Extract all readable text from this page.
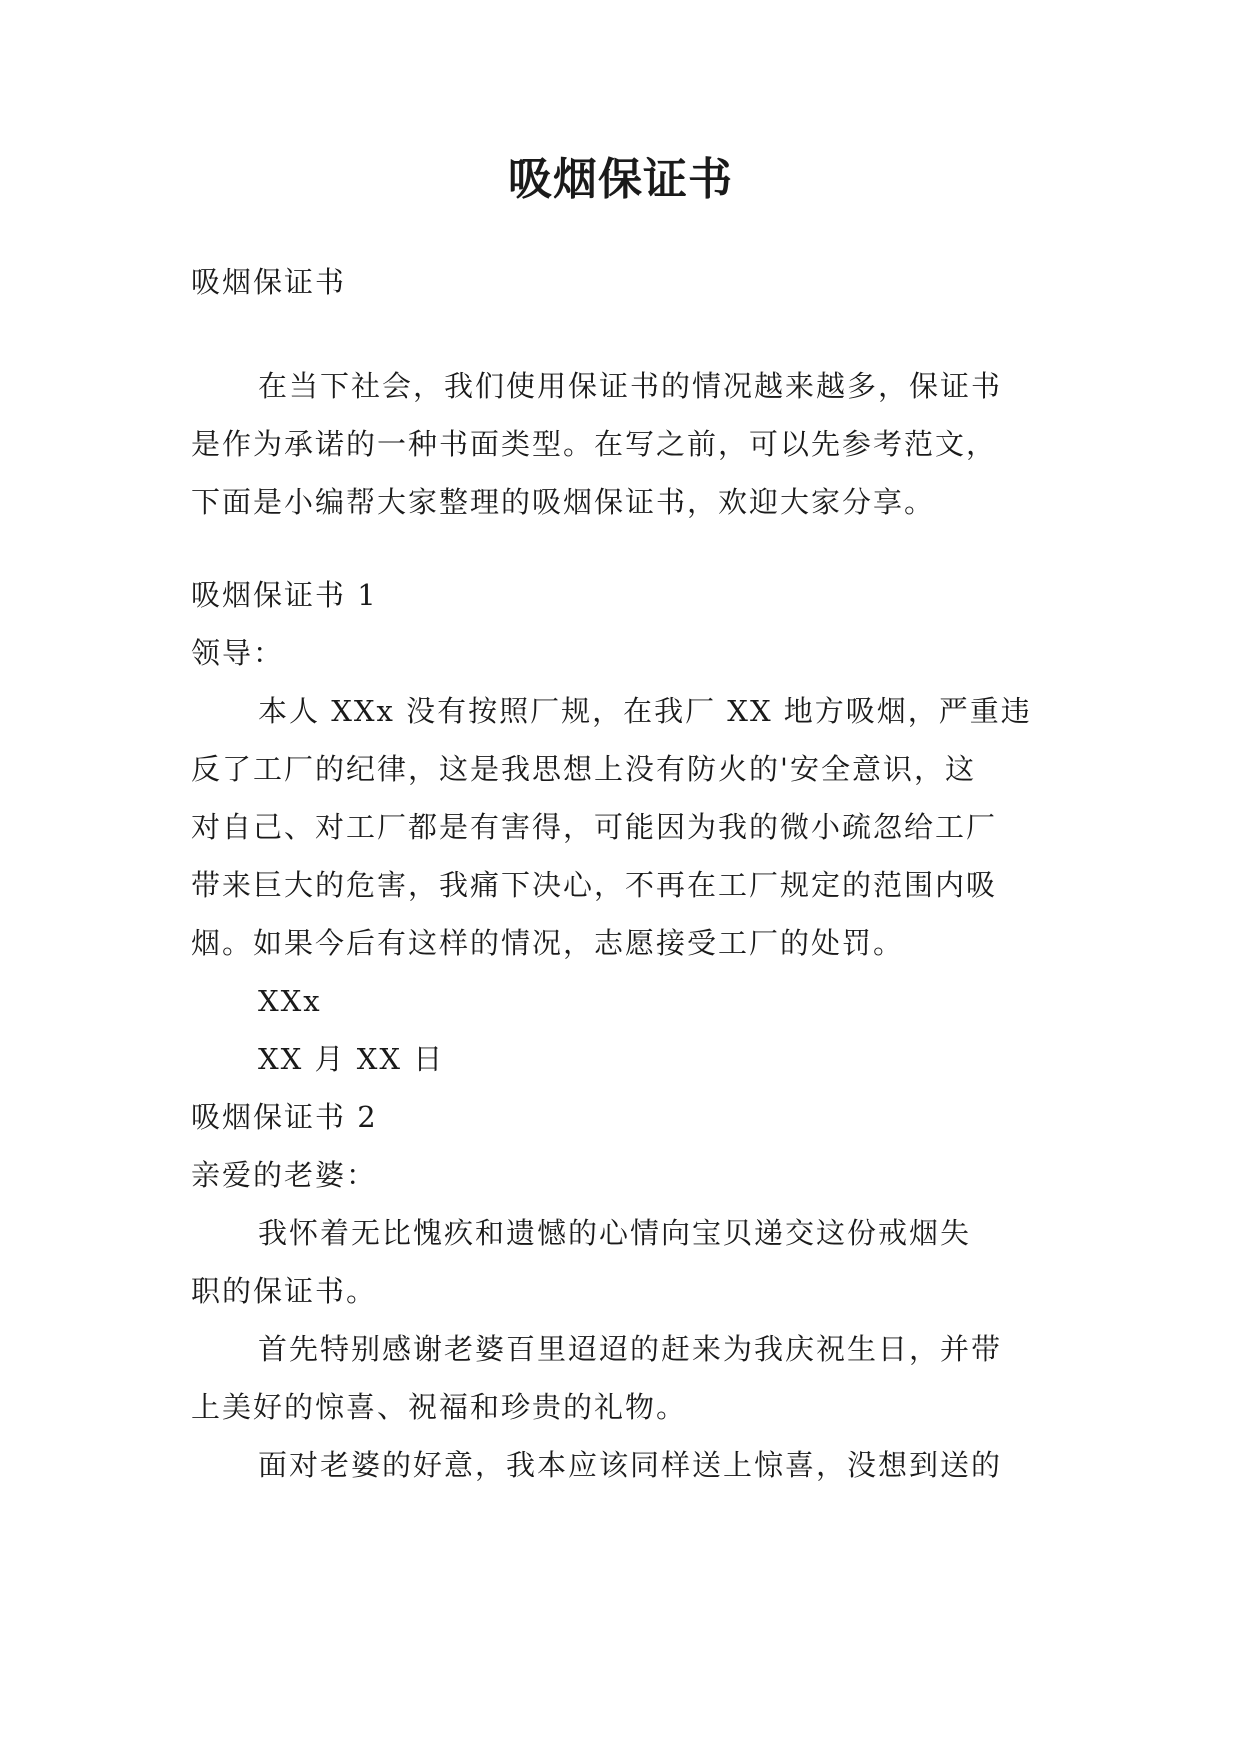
吸烟保证书
吸烟保证书
在当下社会，我们使用保证书的情况越来越多，保证书
是作为承诺的一种书面类型。在写之前，可以先参考范文，
下面是小编帮大家整理的吸烟保证书，欢迎大家分享。
吸烟保证书 1
领导：
本人 XXx 没有按照厂规，在我厂 XX 地方吸烟，严重违
反了工厂的纪律，这是我思想上没有防火的'安全意识，这
对自己、对工厂都是有害得，可能因为我的微小疏忽给工厂
带来巨大的危害，我痛下决心，不再在工厂规定的范围内吸
烟。如果今后有这样的情况，志愿接受工厂的处罚。
XXx
XX 月 XX 日
吸烟保证书 2
亲爱的老婆：
我怀着无比愧疚和遗憾的心情向宝贝递交这份戒烟失
职的保证书。
首先特别感谢老婆百里迢迢的赶来为我庆祝生日，并带
上美好的惊喜、祝福和珍贵的礼物。
面对老婆的好意，我本应该同样送上惊喜，没想到送的
